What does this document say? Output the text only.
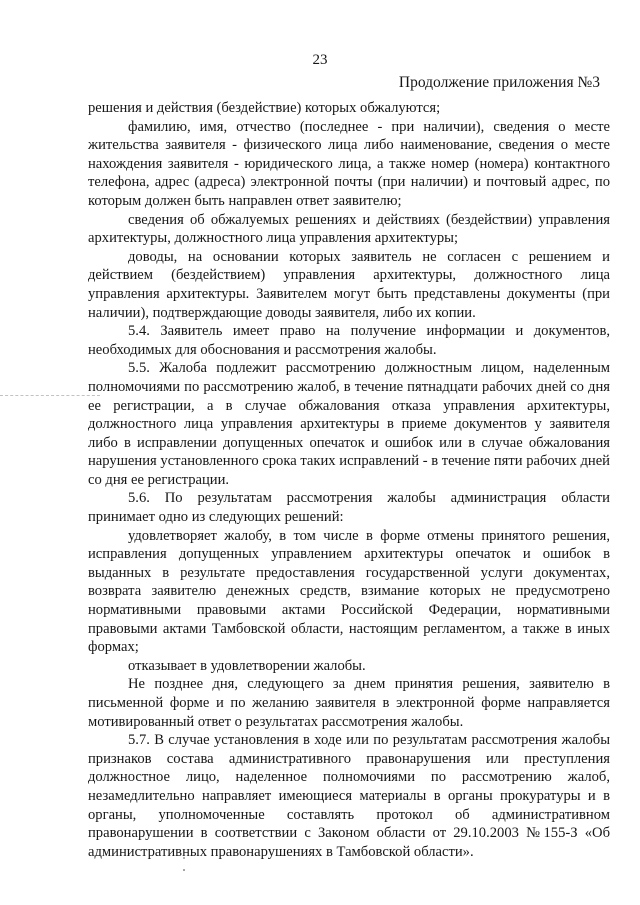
23
Продолжение приложения №3

решения и действия (бездействие) которых обжалуются;

фамилию, имя, отчество (последнее - при наличии), сведения о месте жительства заявителя - физического лица либо наименование, сведения о месте нахождения заявителя - юридического лица, а также номер (номера) контактного телефона, адрес (адреса) электронной почты (при наличии) и почтовый адрес, по которым должен быть направлен ответ заявителю;

сведения об обжалуемых решениях и действиях (бездействии) управления архитектуры, должностного лица управления архитектуры;

доводы, на основании которых заявитель не согласен с решением и действием (бездействием) управления архитектуры, должностного лица управления архитектуры. Заявителем могут быть представлены документы (при наличии), подтверждающие доводы заявителя, либо их копии.

5.4. Заявитель имеет право на получение информации и документов, необходимых для обоснования и рассмотрения жалобы.

5.5. Жалоба подлежит рассмотрению должностным лицом, наделенным полномочиями по рассмотрению жалоб, в течение пятнадцати рабочих дней со дня ее регистрации, а в случае обжалования отказа управления архитектуры, должностного лица управления архитектуры в приеме документов у заявителя либо в исправлении допущенных опечаток и ошибок или в случае обжалования нарушения установленного срока таких исправлений - в течение пяти рабочих дней со дня ее регистрации.

5.6. По результатам рассмотрения жалобы администрация области принимает одно из следующих решений:

удовлетворяет жалобу, в том числе в форме отмены принятого решения, исправления допущенных управлением архитектуры опечаток и ошибок в выданных в результате предоставления государственной услуги документах, возврата заявителю денежных средств, взимание которых не предусмотрено нормативными правовыми актами Российской Федерации, нормативными правовыми актами Тамбовской области, настоящим регламентом, а также в иных формах;

отказывает в удовлетворении жалобы.

Не позднее дня, следующего за днем принятия решения, заявителю в письменной форме и по желанию заявителя в электронной форме направляется мотивированный ответ о результатах рассмотрения жалобы.

5.7. В случае установления в ходе или по результатам рассмотрения жалобы признаков состава административного правонарушения или преступления должностное лицо, наделенное полномочиями по рассмотрению жалоб, незамедлительно направляет имеющиеся материалы в органы прокуратуры и в органы, уполномоченные составлять протокол об административном правонарушении в соответствии с Законом области от 29.10.2003 №155-З «Об административных правонарушениях в Тамбовской области».
